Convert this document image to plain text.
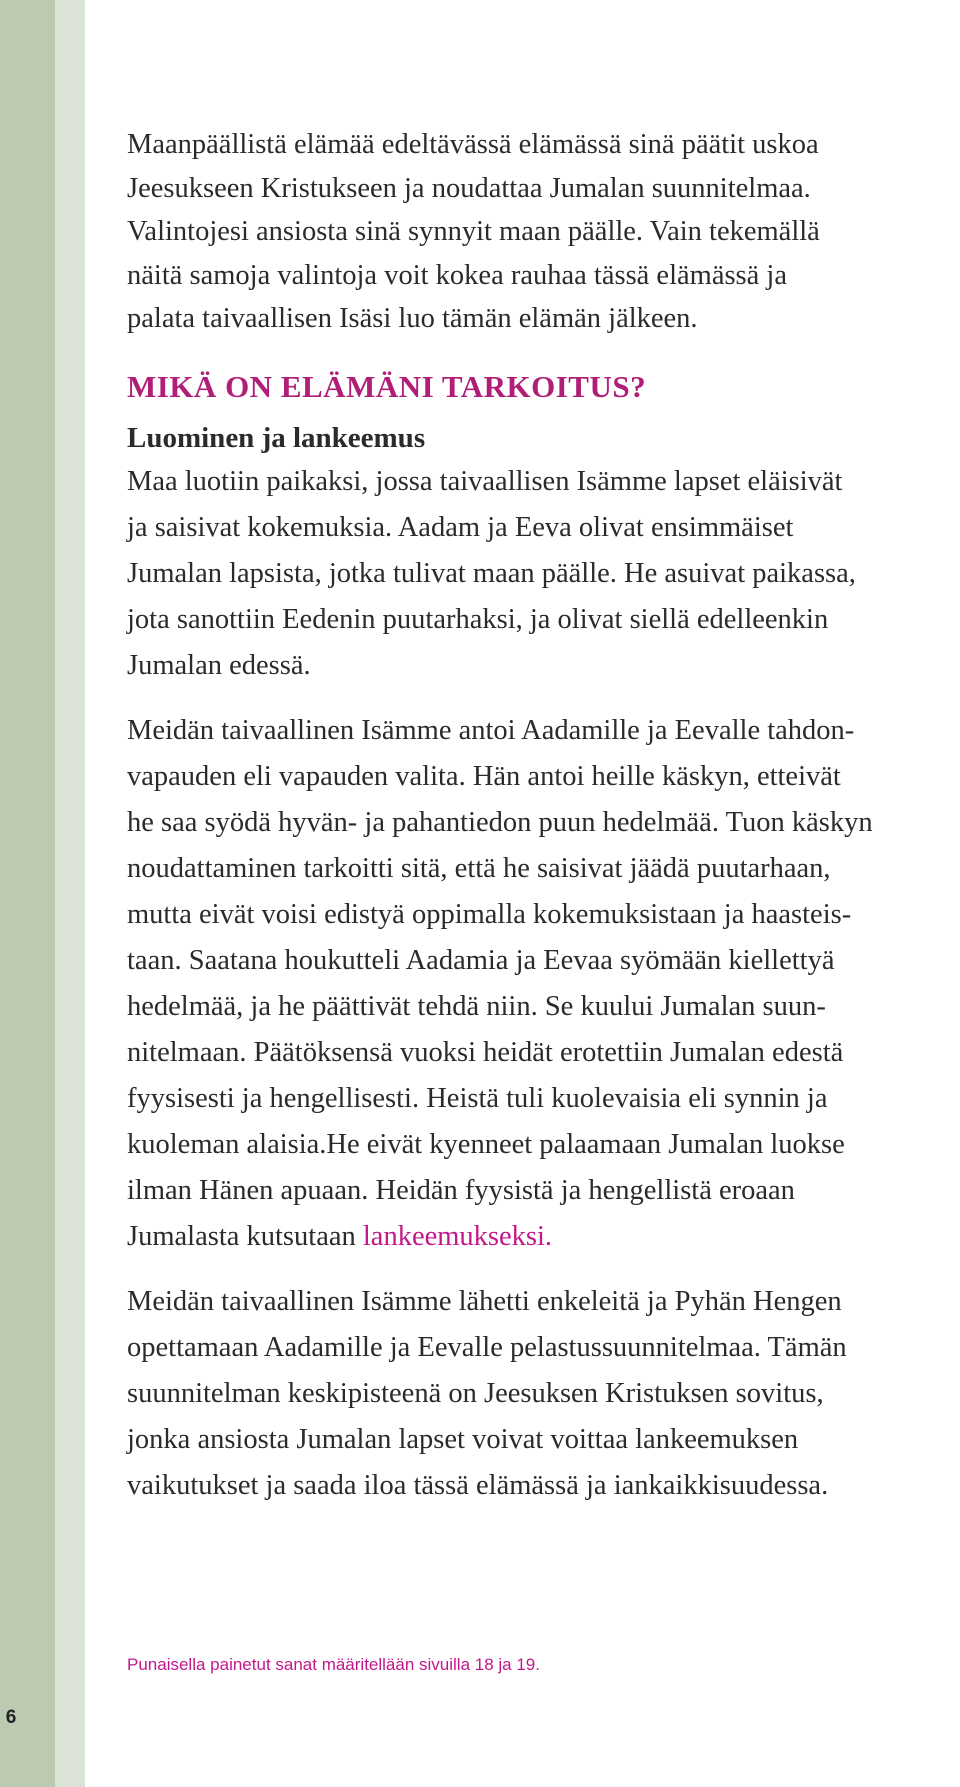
6

Maanpäällistä elämää edeltävässä elämässä sinä päätit uskoa
Jeesukseen Kristukseen ja noudattaa Jumalan suunnitelmaa.
Valintojesi ansiosta sinä synnyit maan päälle. Vain tekemällä
näitä samoja valintoja voit kokea rauhaa tässä elämässä ja
palata taivaallisen Isäsi luo tämän elämän jälkeen.

MIKÄ ON ELÄMÄNI TARKOITUS?
Luominen ja lankeemus

Maa luotiin paikaksi, jossa taivaallisen Isämme lapset eläisivät
ja saisivat kokemuksia. Aadam ja Eeva olivat ensimmäiset
Jumalan lapsista, jotka tulivat maan päälle. He asuivat paikassa,
jota sanottiin Eedenin puutarhaksi, ja olivat siellä edelleenkin
Jumalan edessä.

Meidän taivaallinen Isämme antoi Aadamille ja Eevalle tahdon-
vapauden eli vapauden valita. Hän antoi heille käskyn, etteivät
he saa syödä hyvän- ja pahantiedon puun hedelmää. Tuon käskyn
noudattaminen tarkoitti sitä, että he saisivat jäädä puutarhaan,
mutta eivät voisi edistyä oppimalla kokemuksistaan ja haasteis-
taan. Saatana houkutteli Aadamia ja Eevaa syömään kiellettyä
hedelmää, ja he päättivät tehdä niin. Se kuului Jumalan suun-
nitelmaan. Päätöksensä vuoksi heidät erotettiin Jumalan edestä
fyysisesti ja hengellisesti. Heistä tuli kuolevaisia eli synnin ja
kuoleman alaisia.He eivät kyenneet palaamaan Jumalan luokse
ilman Hänen apuaan. Heidän fyysistä ja hengellistä eroaan
Jumalasta kutsutaan lankeemukseksi.

Meidän taivaallinen Isämme lähetti enkeleitä ja Pyhän Hengen
opettamaan Aadamille ja Eevalle pelastussuunnitelmaa. Tämän
suunnitelman keskipisteenä on Jeesuksen Kristuksen sovitus,
jonka ansiosta Jumalan lapset voivat voittaa lankeemuksen
vaikutukset ja saada iloa tässä elämässä ja iankaikkisuudessa.

Punaisella painetut sanat määritellään sivuilla 18 ja 19.
